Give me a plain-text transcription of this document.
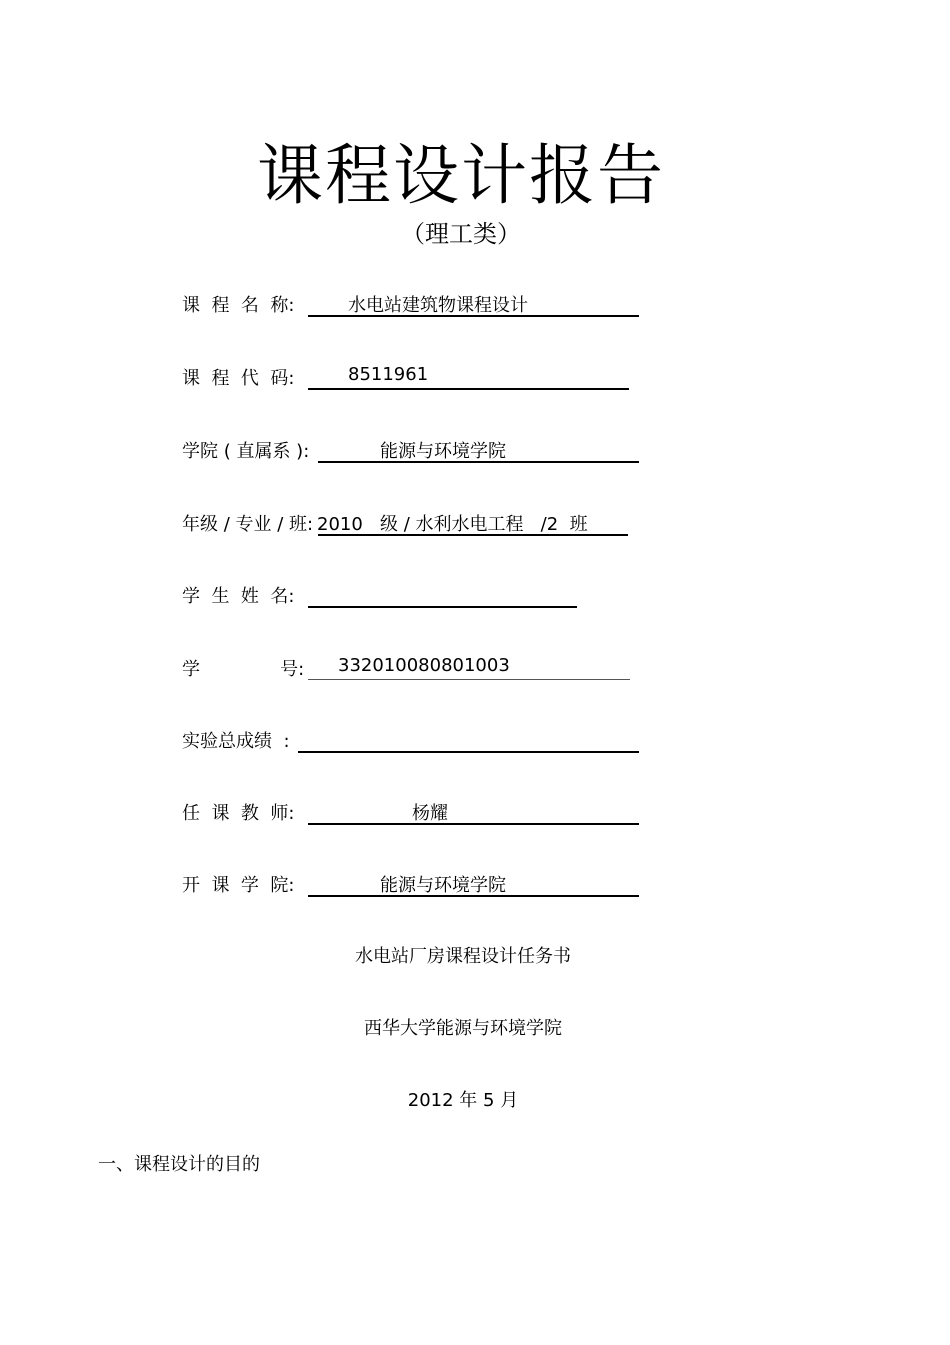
课程设计报告
（理工类）
课  程  名  称:	水电站建筑物课程设计
课  程  代  码:	8511961
学院 ( 直属系 ):	能源与环境学院
年级 / 专业 / 班: 2010   级 / 水利水电工程   /2  班
学  生  姓  名:
学              号: 332010080801003
实验总成绩  :
任  课  教  师:	杨耀
开  课  学  院:	能源与环境学院
水电站厂房课程设计任务书
西华大学能源与环境学院
2012 年 5 月
一、课程设计的目的
